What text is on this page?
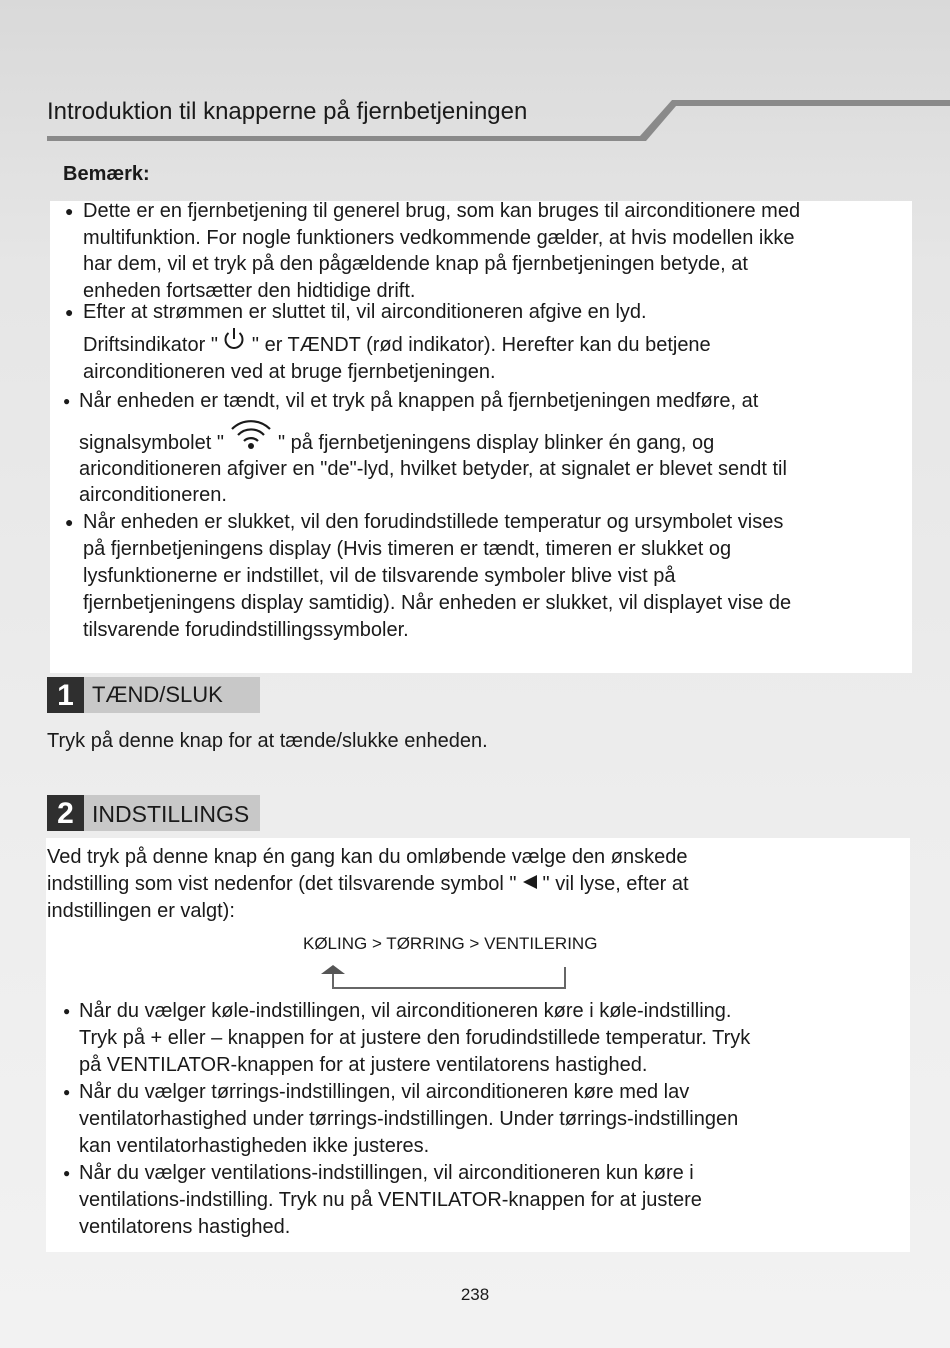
Introduktion til knapperne på fjernbetjeningen
Bemærk:
● Dette er en fjernbetjening til generel brug, som kan bruges til airconditionere med
multifunktion. For nogle funktioners vedkommende gælder, at hvis modellen ikke
har dem, vil et tryk på den pågældende knap på fjernbetjeningen betyde, at
enheden fortsætter den hidtidige drift.
● Efter at strømmen er sluttet til, vil airconditioneren afgive en lyd.
Driftsindikator " " er TÆNDT (rød indikator). Herefter kan du betjene
airconditioneren ved at bruge fjernbetjeningen.
● Når enheden er tændt, vil et tryk på knappen på fjernbetjeningen medføre, at
signalsymbolet "	" på fjernbetjeningens display blinker én gang, og
ariconditioneren afgiver en "de"-lyd, hvilket betyder, at signalet er blevet sendt til
airconditioneren.
● Når enheden er slukket, vil den forudindstillede temperatur og ursymbolet vises
på fjernbetjeningens display (Hvis timeren er tændt, timeren er slukket og
lysfunktionerne er indstillet, vil de tilsvarende symboler blive vist på
fjernbetjeningens display samtidig). Når enheden er slukket, vil displayet vise de
tilsvarende forudindstillingssymboler.
1 TÆND/SLUK
Tryk på denne knap for at tænde/slukke enheden.
2 INDSTILLINGS
Ved tryk på denne knap én gang kan du omløbende vælge den ønskede
indstilling som vist nedenfor (det tilsvarende symbol " " vil lyse, efter at
indstillingen er valgt):
KØLING > TØRRING > VENTILERING
● Når du vælger køle-indstillingen, vil airconditioneren køre i køle-indstilling.
Tryk på + eller – knappen for at justere den forudindstillede temperatur. Tryk
på VENTILATOR-knappen for at justere ventilatorens hastighed.
● Når du vælger tørrings-indstillingen, vil airconditioneren køre med lav
ventilatorhastighed under tørrings-indstillingen. Under tørrings-indstillingen
kan ventilatorhastigheden ikke justeres.
● Når du vælger ventilations-indstillingen, vil airconditioneren kun køre i
ventilations-indstilling. Tryk nu på VENTILATOR-knappen for at justere
ventilatorens hastighed.
238
